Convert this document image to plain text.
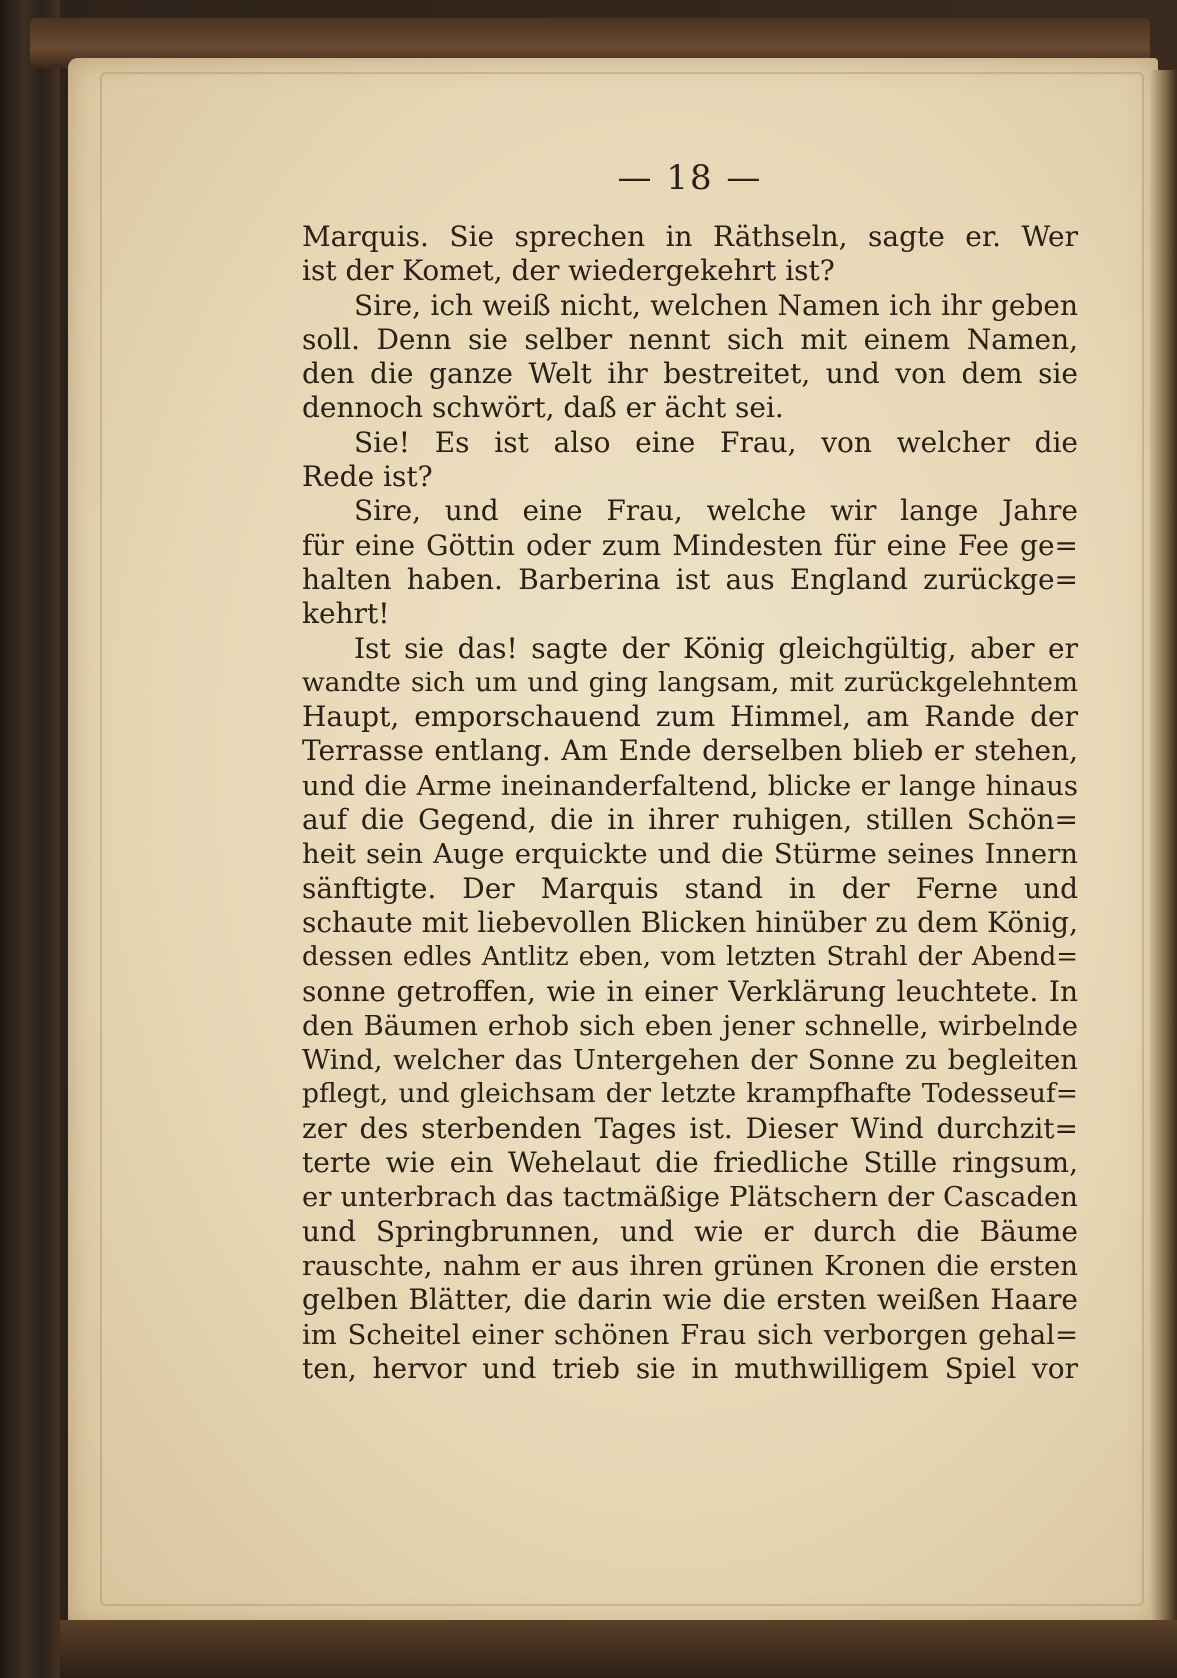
— 18 —
Marquis. Sie sprechen in Räthseln, sagte er. Wer
ist der Komet, der wiedergekehrt ist?
Sire, ich weiß nicht, welchen Namen ich ihr geben
soll. Denn sie selber nennt sich mit einem Namen,
den die ganze Welt ihr bestreitet, und von dem sie
dennoch schwört, daß er ächt sei.
Sie! Es ist also eine Frau, von welcher die
Rede ist?
Sire, und eine Frau, welche wir lange Jahre
für eine Göttin oder zum Mindesten für eine Fee ge=
halten haben. Barberina ist aus England zurückge=
kehrt!
Ist sie das! sagte der König gleichgültig, aber er
wandte sich um und ging langsam, mit zurückgelehntem
Haupt, emporschauend zum Himmel, am Rande der
Terrasse entlang. Am Ende derselben blieb er stehen,
und die Arme ineinanderfaltend, blicke er lange hinaus
auf die Gegend, die in ihrer ruhigen, stillen Schön=
heit sein Auge erquickte und die Stürme seines Innern
sänftigte. Der Marquis stand in der Ferne und
schaute mit liebevollen Blicken hinüber zu dem König,
dessen edles Antlitz eben, vom letzten Strahl der Abend=
sonne getroffen, wie in einer Verklärung leuchtete. In
den Bäumen erhob sich eben jener schnelle, wirbelnde
Wind, welcher das Untergehen der Sonne zu begleiten
pflegt, und gleichsam der letzte krampfhafte Todesseuf=
zer des sterbenden Tages ist. Dieser Wind durchzit=
terte wie ein Wehelaut die friedliche Stille ringsum,
er unterbrach das tactmäßige Plätschern der Cascaden
und Springbrunnen, und wie er durch die Bäume
rauschte, nahm er aus ihren grünen Kronen die ersten
gelben Blätter, die darin wie die ersten weißen Haare
im Scheitel einer schönen Frau sich verborgen gehal=
ten, hervor und trieb sie in muthwilligem Spiel vor
